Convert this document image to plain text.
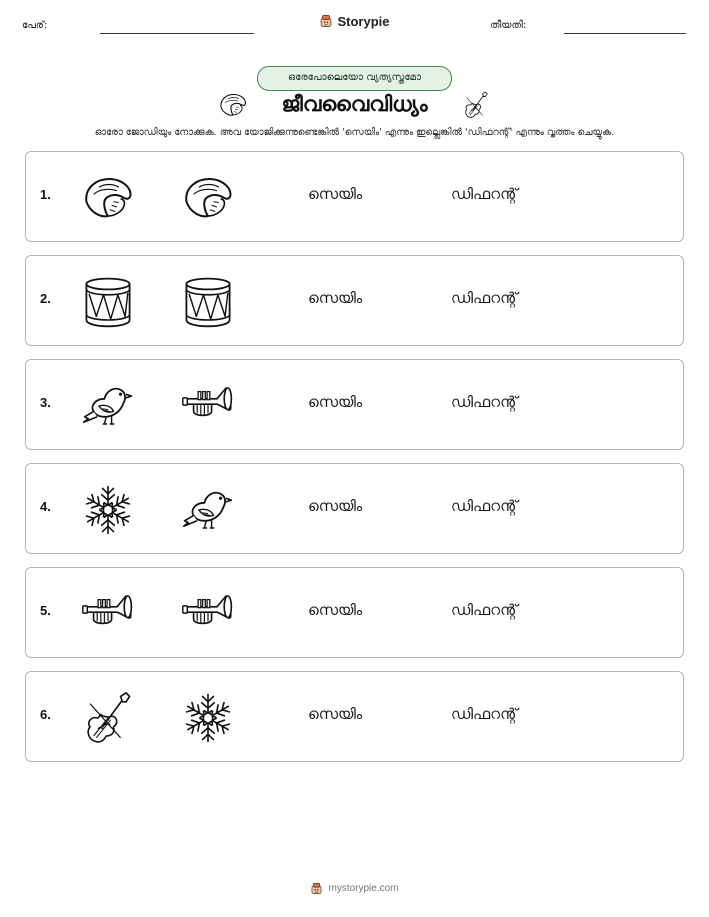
പേര്:	Storypie	തീയതി:
ഒരേപോലെയോ വ്യത്യസ്തമോ
ജീവവൈവിധ്യം
ഓരോ ജോഡിയും നോക്കുക. അവ യോജിക്കുന്നുണ്ടെങ്കിൽ 'സെയിം' എന്നും ഇല്ലെങ്കിൽ 'ഡിഫറന്റ്' എന്നും വൃത്തം ചെയ്യുക.
1.	സെയിം	ഡിഫറന്റ്
2.	സെയിം	ഡിഫറന്റ്
3.	സെയിം	ഡിഫറന്റ്
4.	സെയിം	ഡിഫറന്റ്
5.	സെയിം	ഡിഫറന്റ്
6.	സെയിം	ഡിഫറന്റ്
mystorypie.com
